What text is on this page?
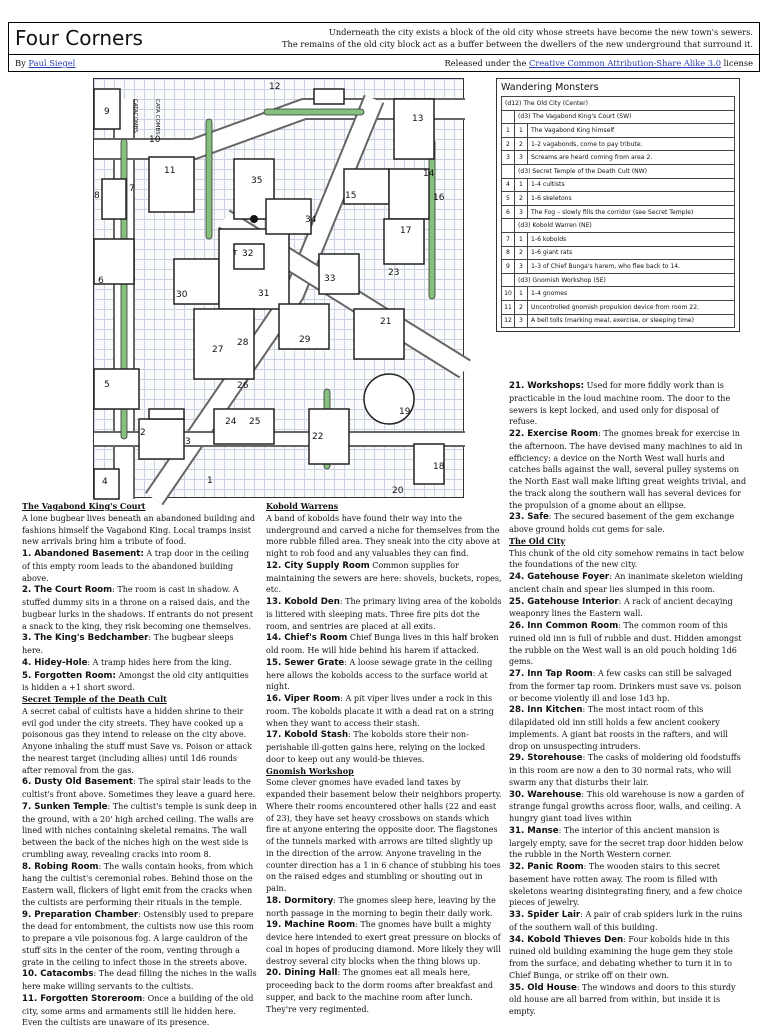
Four Corners	Underneath the city exists a block of the old city whose streets have become the new town's sewers.
The remains of the old city block act as a buffer between the dwellers of the new underground that surround it.
By Paul Siegel	Released under the Creative Common Attribution-Share Alike 3.0 license
CATACOMBS	CATA COMBS
T
1
2
3
4
5
6
7
8
9
10
11
12
13
14
15	16
17
18
19
20
21
22
23
24 25
26
27
28	29
30	31
32
33
34
35
Wandering Monsters
(d12) The Old City (Center)		
	(d3) The Vagabond King's Court (SW)	
1	1	The Vagabond King himself
2	2	1-2 vagabonds, come to pay tribute.
3	3	Screams are heard coming from area 2.
	(d3) Secret Temple of the Death Cult (NW)	
4	1	1-4 cultists
5	2	1-6 skeletons
6	3	The Fog – slowly fills the corridor (see Secret Temple)
	(d3) Kobold Warren (NE)	
7	1	1-6 kobolds
8	2	1-6 giant rats
9	3	1-3 of Chief Bunga's harem, who flee back to 14.
	(d3) Gnomish Workshop (SE)	
10	1	1-4 gnomes
11	2	Uncontrolled gnomish propulsion device from room 22.
12	3	A bell tolls (marking meal, exercise, or sleeping time)

The Vagabond King's Court

A lone bugbear lives beneath an abandoned building and fashions himself the Vagabond King. Local tramps insist new arrivals bring him a tribute of food.

1. Abandoned Basement: A trap door in the ceiling of this empty room leads to the abandoned building above.

2. The Court Room: The room is cast in shadow. A stuffed dummy sits in a throne on a raised dais, and the bugbear lurks in the shadows. If entrants do not present a snack to the king, they risk becoming one themselves.

3. The King's Bedchamber: The bugbear sleeps here.

4. Hidey-Hole: A tramp hides here from the king.

5. Forgotten Room: Amongst the old city antiquities is hidden a +1 short sword.

Secret Temple of the Death Cult

A secret cabal of cultists have a hidden shrine to their evil god under the city streets. They have cooked up a poisonous gas they intend to release on the city above. Anyone inhaling the stuff must Save vs. Poison or attack the nearest target (including allies) until 1d6 rounds after removal from the gas.

6. Dusty Old Basement: The spiral stair leads to the cultist's front above. Sometimes they leave a guard here.

7. Sunken Temple: The cultist's temple is sunk deep in the ground, with a 20' high arched ceiling. The walls are lined with niches containing skeletal remains. The wall between the back of the niches high on the west side is crumbling away, revealing cracks into room 8.

8. Robing Room: The walls contain hooks, from which hang the cultist's ceremonial robes. Behind those on the Eastern wall, flickers of light emit from the cracks when the cultists are performing their rituals in the temple.

9. Preparation Chamber: Ostensibly used to prepare the dead for entombment, the cultists now use this room to prepare a vile poisonous fog. A large cauldron of the stuff sits in the center of the room, venting through a grate in the ceiling to infect those in the streets above.

10. Catacombs: The dead filling the niches in the walls here make willing servants to the cultists.

11. Forgotten Storeroom: Once a building of the old city, some arms and armaments still lie hidden here. Even the cultists are unaware of its presence.

Kobold Warrens

A band of kobolds have found their way into the underground and carved a niche for themselves from the more rubble filled area. They sneak into the city above at night to rob food and any valuables they can find.

12. City Supply Room Common supplies for maintaining the sewers are here: shovels, buckets, ropes, etc.

13. Kobold Den: The primary living area of the kobolds is littered with sleeping mats. Three fire pits dot the room, and sentries are placed at all exits.

14. Chief's Room Chief Bunga lives in this half broken old room. He will hide behind his harem if attacked.

15. Sewer Grate: A loose sewage grate in the ceiling here allows the kobolds access to the surface world at night.

16. Viper Room: A pit viper lives under a rock in this room. The kobolds placate it with a dead rat on a string when they want to access their stash.

17. Kobold Stash: The kobolds store their non-perishable ill-gotten gains here, relying on the locked door to keep out any would-be thieves.

Gnomish Workshop

Some clever gnomes have evaded land taxes by expanded their basement below their neighbors property. Where their rooms encountered other halls (22 and east of 23), they have set heavy crossbows on stands which fire at anyone entering the opposite door. The flagstones of the tunnels marked with arrows are tilted slightly up in the direction of the arrow. Anyone traveling in the counter direction has a 1 in 6 chance of stubbing his toes on the raised edges and stumbling or shouting out in pain.

18. Dormitory: The gnomes sleep here, leaving by the north passage in the morning to begin their daily work.

19. Machine Room: The gnomes have built a mighty device here intended to exert great pressure on blocks of coal in hopes of producing diamond. More likely they will destroy several city blocks when the thing blows up.

20. Dining Hall: The gnomes eat all meals here, proceeding back to the dorm rooms after breakfast and supper, and back to the machine room after lunch. They're very regimented.

21. Workshops: Used for more fiddly work than is practicable in the loud machine room. The door to the sewers is kept locked, and used only for disposal of refuse.

22. Exercise Room: The gnomes break for exercise in the afternoon. The have devised many machines to aid in efficiency: a device on the North West wall hurls and catches balls against the wall, several pulley systems on the North East wall make lifting great weights trivial, and the track along the southern wall has several devices for the propulsion of a gnome about an ellipse.

23. Safe: The secured basement of the gem exchange above ground holds cut gems for sale.

The Old City

This chunk of the old city somehow remains in tact below the foundations of the new city.

24. Gatehouse Foyer: An inanimate skeleton wielding ancient chain and spear lies slumped in this room.

25. Gatehouse Interior: A rack of ancient decaying weaponry lines the Eastern wall.

26. Inn Common Room: The common room of this ruined old inn is full of rubble and dust. Hidden amongst the rubble on the West wall is an old pouch holding 1d6 gems.

27. Inn Tap Room: A few casks can still be salvaged from the former tap room. Drinkers must save vs. poison or become violently ill and lose 1d3 hp.

28. Inn Kitchen: The most intact room of this dilapidated old inn still holds a few ancient cookery implements. A giant bat roosts in the rafters, and will drop on unsuspecting intruders.

29. Storehouse: The casks of moldering old foodstuffs in this room are now a den to 30 normal rats, who will swarm any that disturbs their lair.

30. Warehouse: This old warehouse is now a garden of strange fungal growths across floor, walls, and ceiling. A hungry giant toad lives within

31. Manse: The interior of this ancient mansion is largely empty, save for the secret trap door hidden below the rubble in the North Western corner.

32. Panic Room: The wooden stairs to this secret basement have rotten away. The room is filled with skeletons wearing disintegrating finery, and a few choice pieces of jewelry.

33. Spider Lair: A pair of crab spiders lurk in the ruins of the southern wall of this building.

34. Kobold Thieves Den: Four kobolds hide in this ruined old building examining the huge gem they stole from the surface, and debating whether to turn it in to Chief Bunga, or strike off on their own.

35. Old House: The windows and doors to this sturdy old house are all barred from within, but inside it is empty.
